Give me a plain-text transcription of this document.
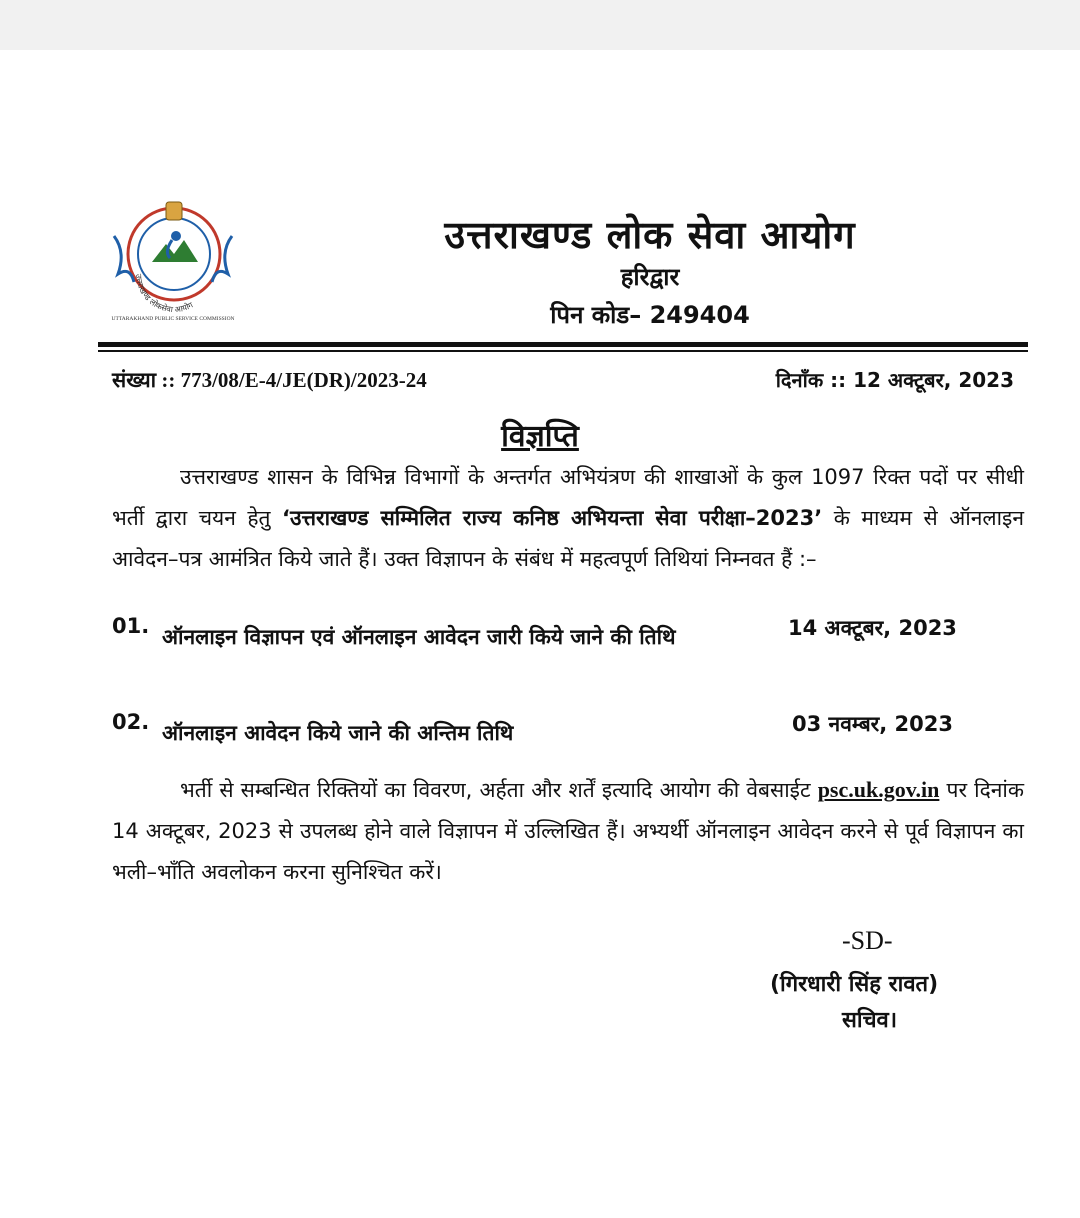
उत्तराखण्ड लोकसेवा आयोग
UTTARAKHAND PUBLIC SERVICE COMMISSION
उत्तराखण्ड लोक सेवा आयोग
हरिद्वार
पिन कोड– 249404
संख्या :: 773/08/E-4/JE(DR)/2023-24	दिनाँक :: 12 अक्टूबर, 2023
विज्ञप्ति
उत्तराखण्ड शासन के विभिन्न विभागों के अन्तर्गत अभियंत्रण की शाखाओं के कुल 1097 रिक्त पदों पर सीधी भर्ती द्वारा चयन हेतु ‘उत्तराखण्ड सम्मिलित राज्य कनिष्ठ अभियन्ता सेवा परीक्षा–2023’ के माध्यम से ऑनलाइन आवेदन–पत्र आमंत्रित किये जाते हैं। उक्त विज्ञापन के संबंध में महत्वपूर्ण तिथियां निम्नवत हैं :–
01. ऑनलाइन विज्ञापन एवं ऑनलाइन आवेदन जारी किये जाने की तिथि	14 अक्टूबर, 2023
02. ऑनलाइन आवेदन किये जाने की अन्तिम तिथि	03 नवम्बर, 2023
भर्ती से सम्बन्धित रिक्तियों का विवरण, अर्हता और शर्तें इत्यादि आयोग की वेबसाईट psc.uk.gov.in पर दिनांक 14 अक्टूबर, 2023 से उपलब्ध होने वाले विज्ञापन में उल्लिखित हैं। अभ्यर्थी ऑनलाइन आवेदन करने से पूर्व विज्ञापन का भली–भाँति अवलोकन करना सुनिश्चित करें।
-SD-
(गिरधारी सिंह रावत)
सचिव।
